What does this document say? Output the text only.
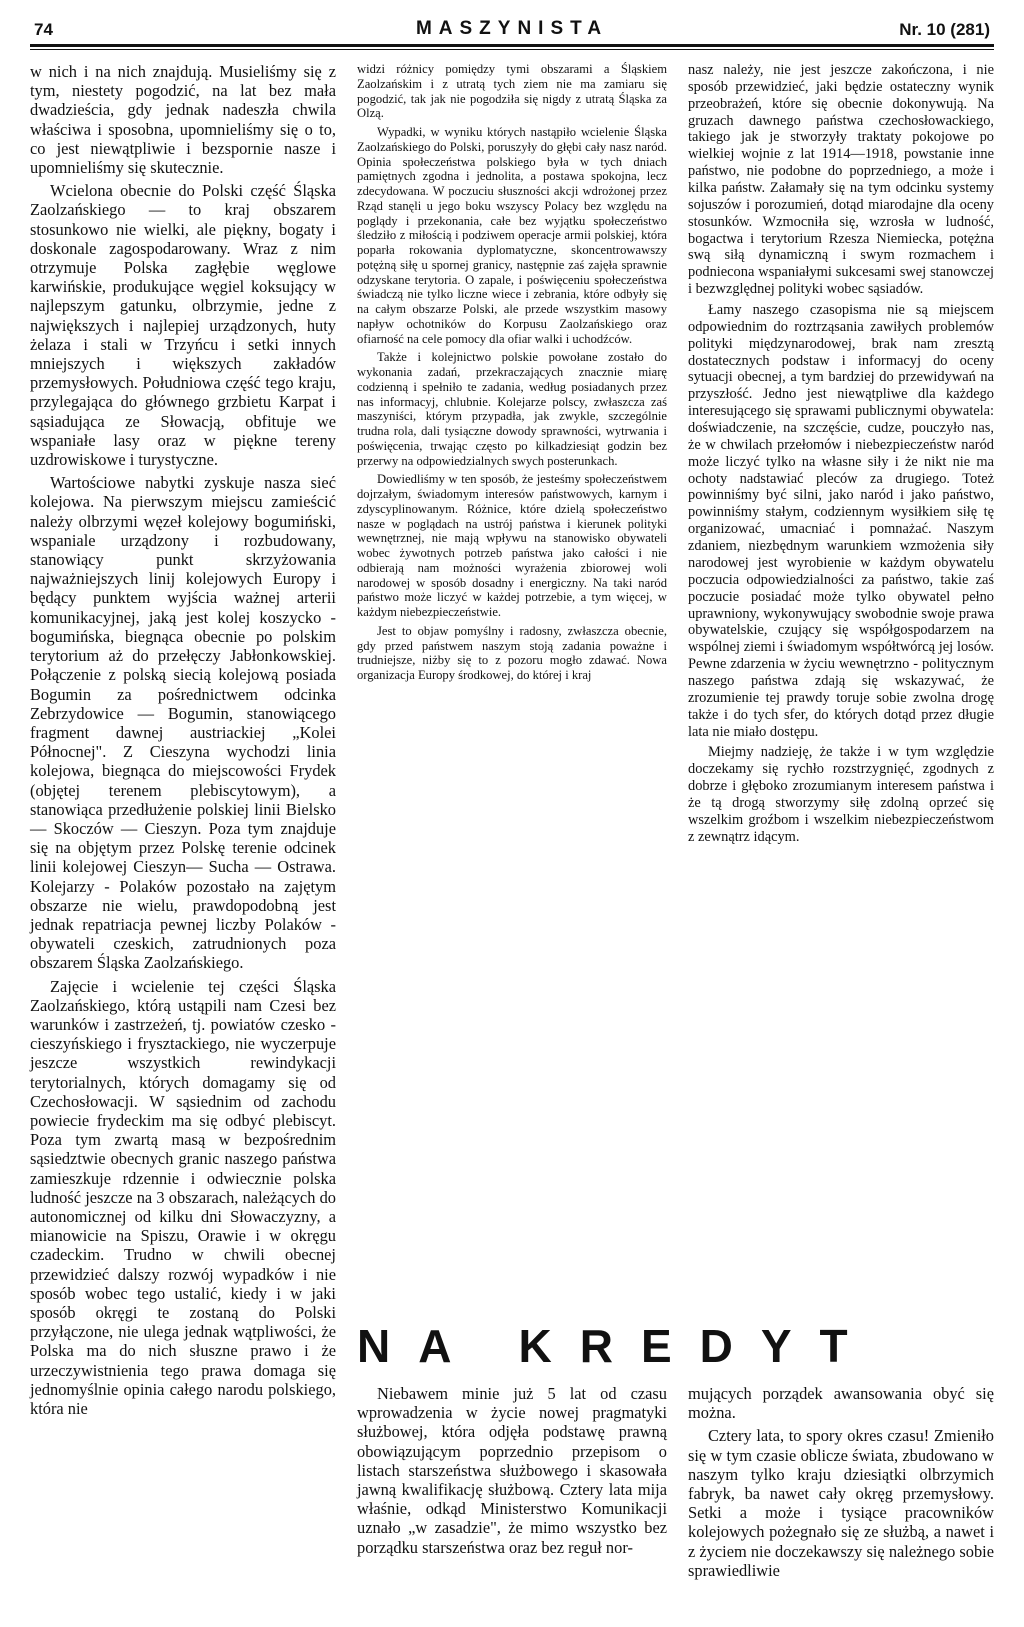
74	MASZYNISTA	Nr. 10 (281)

w nich i na nich znajdują. Musieliśmy się z tym, niestety pogodzić, na lat bez mała dwadzieścia, gdy jednak nadeszła chwila właściwa i sposobna, upomnieliśmy się o to, co jest niewątpliwie i bezspornie nasze i upomnieliśmy się skutecznie.

Wcielona obecnie do Polski część Śląska Zaolzańskiego — to kraj obszarem stosunkowo nie wielki, ale piękny, bogaty i doskonale zagospodarowany. Wraz z nim otrzymuje Polska zagłębie węglowe karwińskie, produkujące węgiel koksujący w najlepszym gatunku, olbrzymie, jedne z największych i najlepiej urządzonych, huty żelaza i stali w Trzyńcu i setki innych mniejszych i większych zakładów przemysłowych. Południowa część tego kraju, przylegająca do głównego grzbietu Karpat i sąsiadująca ze Słowacją, obfituje we wspaniałe lasy oraz w piękne tereny uzdrowiskowe i turystyczne.

Wartościowe nabytki zyskuje nasza sieć kolejowa. Na pierwszym miejscu zamieścić należy olbrzymi węzeł kolejowy bogumiński, wspaniale urządzony i rozbudowany, stanowiący punkt skrzyżowania najważniejszych linij kolejowych Europy i będący punktem wyjścia ważnej arterii komunikacyjnej, jaką jest kolej koszycko - bogumińska, biegnąca obecnie po polskim terytorium aż do przełęczy Jabłonkowskiej. Połączenie z polską siecią kolejową posiada Bogumin za pośrednictwem odcinka Zebrzydowice — Bogumin, stanowiącego fragment dawnej austriackiej „Kolei Północnej". Z Cieszyna wychodzi linia kolejowa, biegnąca do miejscowości Frydek (objętej terenem plebiscytowym), a stanowiąca przedłużenie polskiej linii Bielsko — Skoczów — Cieszyn. Poza tym znajduje się na objętym przez Polskę terenie odcinek linii kolejowej Cieszyn— Sucha — Ostrawa. Kolejarzy - Polaków pozostało na zajętym obszarze nie wielu, prawdopodobną jest jednak repatriacja pewnej liczby Polaków - obywateli czeskich, zatrudnionych poza obszarem Śląska Zaolzańskiego.

Zajęcie i wcielenie tej części Śląska Zaolzańskiego, którą ustąpili nam Czesi bez warunków i zastrzeżeń, tj. powiatów czesko - cieszyńskiego i frysztackiego, nie wyczerpuje jeszcze wszystkich rewindykacji terytorialnych, których domagamy się od Czechosłowacji. W sąsiednim od zachodu powiecie frydeckim ma się odbyć plebiscyt. Poza tym zwartą masą w bezpośrednim sąsiedztwie obecnych granic naszego państwa zamieszkuje rdzennie i odwiecznie polska ludność jeszcze na 3 obszarach, należących do autonomicznej od kilku dni Słowaczyzny, a mianowicie na Spiszu, Orawie i w okręgu czadeckim. Trudno w chwili obecnej przewidzieć dalszy rozwój wypadków i nie sposób wobec tego ustalić, kiedy i w jaki sposób okręgi te zostaną do Polski przyłączone, nie ulega jednak wątpliwości, że Polska ma do nich słuszne prawo i że urzeczywistnienia tego prawa domaga się jednomyślnie opinia całego narodu polskiego, która nie

widzi różnicy pomiędzy tymi obszarami a Śląskiem Zaolzańskim i z utratą tych ziem nie ma zamiaru się pogodzić, tak jak nie pogodziła się nigdy z utratą Śląska za Olzą.

Wypadki, w wyniku których nastąpiło wcielenie Śląska Zaolzańskiego do Polski, poruszyły do głębi cały nasz naród. Opinia społeczeństwa polskiego była w tych dniach pamiętnych zgodna i jednolita, a postawa spokojna, lecz zdecydowana. W poczuciu słuszności akcji wdrożonej przez Rząd stanęli u jego boku wszyscy Polacy bez względu na poglądy i przekonania, całe bez wyjątku społeczeństwo śledziło z miłością i podziwem operacje armii polskiej, która poparła rokowania dyplomatyczne, skoncentrowawszy potężną siłę u spornej granicy, następnie zaś zajęła sprawnie odzyskane terytoria. O zapale, i poświęceniu społeczeństwa świadczą nie tylko liczne wiece i zebrania, które odbyły się na całym obszarze Polski, ale przede wszystkim masowy napływ ochotników do Korpusu Zaolzańskiego oraz ofiarność na cele pomocy dla ofiar walki i uchodźców.

Także i kolejnictwo polskie powołane zostało do wykonania zadań, przekraczających znacznie miarę codzienną i spełniło te zadania, według posiadanych przez nas informacyj, chlubnie. Kolejarze polscy, zwłaszcza zaś maszyniści, którym przypadła, jak zwykle, szczególnie trudna rola, dali tysiączne dowody sprawności, wytrwania i poświęcenia, trwając często po kilkadziesiąt godzin bez przerwy na odpowiedzialnych swych posterunkach.

Dowiedliśmy w ten sposób, że jesteśmy społeczeństwem dojrzałym, świadomym interesów państwowych, karnym i zdyscyplinowanym. Różnice, które dzielą społeczeństwo nasze w poglądach na ustrój państwa i kierunek polityki wewnętrznej, nie mają wpływu na stanowisko obywateli wobec żywotnych potrzeb państwa jako całości i nie odbierają nam możności wyrażenia zbiorowej woli narodowej w sposób dosadny i energiczny. Na taki naród państwo może liczyć w każdej potrzebie, a tym więcej, w każdym niebezpieczeństwie.

Jest to objaw pomyślny i radosny, zwłaszcza obecnie, gdy przed państwem naszym stoją zadania poważne i trudniejsze, niżby się to z pozoru mogło zdawać. Nowa organizacja Europy środkowej, do której i kraj

nasz należy, nie jest jeszcze zakończona, i nie sposób przewidzieć, jaki będzie ostateczny wynik przeobrażeń, które się obecnie dokonywują. Na gruzach dawnego państwa czechosłowackiego, takiego jak je stworzyły traktaty pokojowe po wielkiej wojnie z lat 1914—1918, powstanie inne państwo, nie podobne do poprzedniego, a może i kilka państw. Załamały się na tym odcinku systemy sojuszów i porozumień, dotąd miarodajne dla oceny stosunków. Wzmocniła się, wzrosła w ludność, bogactwa i terytorium Rzesza Niemiecka, potężna swą siłą dynamiczną i swym rozmachem i podniecona wspaniałymi sukcesami swej stanowczej i bezwzględnej polityki wobec sąsiadów.

Łamy naszego czasopisma nie są miejscem odpowiednim do roztrząsania zawiłych problemów polityki międzynarodowej, brak nam zresztą dostatecznych podstaw i informacyj do oceny sytuacji obecnej, a tym bardziej do przewidywań na przyszłość. Jedno jest niewątpliwe dla każdego interesującego się sprawami publicznymi obywatela: doświadczenie, na szczęście, cudze, pouczyło nas, że w chwilach przełomów i niebezpieczeństw naród może liczyć tylko na własne siły i że nikt nie ma ochoty nadstawiać pleców za drugiego. Toteż powinniśmy być silni, jako naród i jako państwo, powinniśmy stałym, codziennym wysiłkiem siłę tę organizować, umacniać i pomnażać. Naszym zdaniem, niezbędnym warunkiem wzmożenia siły narodowej jest wyrobienie w każdym obywatelu poczucia odpowiedzialności za państwo, takie zaś poczucie posiadać może tylko obywatel pełno uprawniony, wykonywujący swobodnie swoje prawa obywatelskie, czujący się współgospodarzem na wspólnej ziemi i świadomym współtwórcą jej losów. Pewne zdarzenia w życiu wewnętrzno - politycznym naszego państwa zdają się wskazywać, że zrozumienie tej prawdy toruje sobie zwolna drogę także i do tych sfer, do których dotąd przez długie lata nie miało dostępu.

Miejmy nadzieję, że także i w tym względzie doczekamy się rychło rozstrzygnięć, zgodnych z dobrze i głęboko zrozumianym interesem państwa i że tą drogą stworzymy siłę zdolną oprzeć się wszelkim groźbom i wszelkim niebezpieczeństwom z zewnątrz idącym.

NA KREDYT

Niebawem minie już 5 lat od czasu wprowadzenia w życie nowej pragmatyki służbowej, która odjęła podstawę prawną obowiązującym poprzednio przepisom o listach starszeństwa służbowego i skasowała jawną kwalifikację służbową. Cztery lata mija właśnie, odkąd Ministerstwo Komunikacji uznało „w zasadzie", że mimo wszystko bez porządku starszeństwa oraz bez reguł nor-

mujących porządek awansowania obyć się można.

Cztery lata, to spory okres czasu! Zmieniło się w tym czasie oblicze świata, zbudowano w naszym tylko kraju dziesiątki olbrzymich fabryk, ba nawet cały okręg przemysłowy. Setki a może i tysiące pracowników kolejowych pożegnało się ze służbą, a nawet i z życiem nie doczekawszy się należnego sobie sprawiedliwie
